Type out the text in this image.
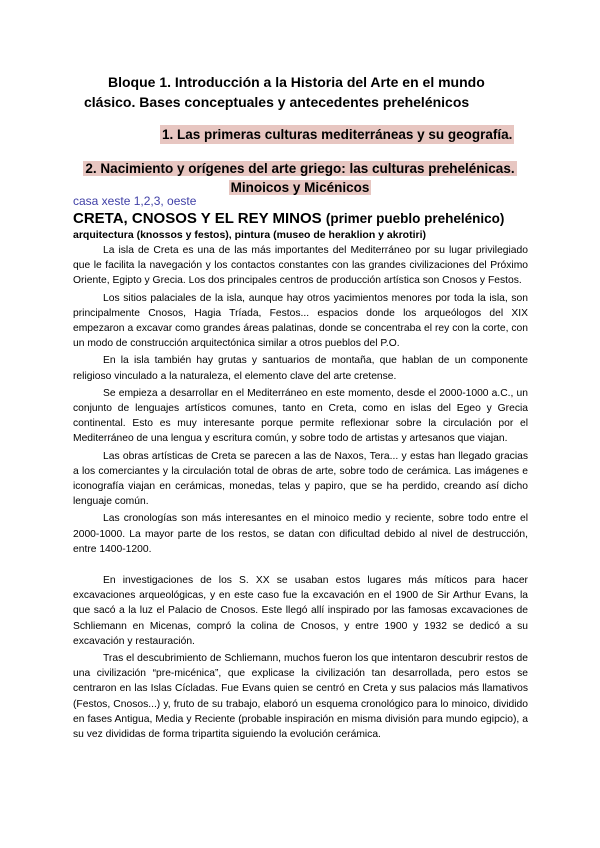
Bloque 1. Introducción a la Historia del Arte en el mundo
clásico. Bases conceptuales y antecedentes prehelénicos
1. Las primeras culturas mediterráneas y su geografía.
2. Nacimiento y orígenes del arte griego: las culturas prehelénicas.
Minoicos y Micénicos
casa xeste 1,2,3, oeste
CRETA, CNOSOS Y EL REY MINOS (primer pueblo prehelénico)
arquitectura (knossos y festos), pintura (museo de heraklion y akrotiri)

La isla de Creta es una de las más importantes del Mediterráneo por su lugar privilegiado que le facilita la navegación y los contactos constantes con las grandes civilizaciones del Próximo Oriente, Egipto y Grecia. Los dos principales centros de producción artística son Cnosos y Festos.

Los sitios palaciales de la isla, aunque hay otros yacimientos menores por toda la isla, son principalmente Cnosos, Hagia Tríada, Festos... espacios donde los arqueólogos del XIX empezaron a excavar como grandes áreas palatinas, donde se concentraba el rey con la corte, con un modo de construcción arquitectónica similar a otros pueblos del P.O.

En la isla también hay grutas y santuarios de montaña, que hablan de un componente religioso vinculado a la naturaleza, el elemento clave del arte cretense.

Se empieza a desarrollar en el Mediterráneo en este momento, desde el 2000-1000 a.C., un conjunto de lenguajes artísticos comunes, tanto en Creta, como en islas del Egeo y Grecia continental. Esto es muy interesante porque permite reflexionar sobre la circulación por el Mediterráneo de una lengua y escritura común, y sobre todo de artistas y artesanos que viajan.

Las obras artísticas de Creta se parecen a las de Naxos, Tera... y estas han llegado gracias a los comerciantes y la circulación total de obras de arte, sobre todo de cerámica. Las imágenes e iconografía viajan en cerámicas, monedas, telas y papiro, que se ha perdido, creando así dicho lenguaje común.

Las cronologías son más interesantes en el minoico medio y reciente, sobre todo entre el 2000-1000. La mayor parte de los restos, se datan con dificultad debido al nivel de destrucción, entre 1400-1200.

En investigaciones de los S. XX se usaban estos lugares más míticos para hacer excavaciones arqueológicas, y en este caso fue la excavación en el 1900 de Sir Arthur Evans, la que sacó a la luz el Palacio de Cnosos. Este llegó allí inspirado por las famosas excavaciones de Schliemann en Micenas, compró la colina de Cnosos, y entre 1900 y 1932 se dedicó a su excavación y restauración.

Tras el descubrimiento de Schliemann, muchos fueron los que intentaron descubrir restos de una civilización “pre-micénica”, que explicase la civilización tan desarrollada, pero estos se centraron en las Islas Cícladas. Fue Evans quien se centró en Creta y sus palacios más llamativos (Festos, Cnosos...) y, fruto de su trabajo, elaboró un esquema cronológico para lo minoico, dividido en fases Antigua, Media y Reciente (probable inspiración en misma división para mundo egipcio), a su vez divididas de forma tripartita siguiendo la evolución cerámica.
